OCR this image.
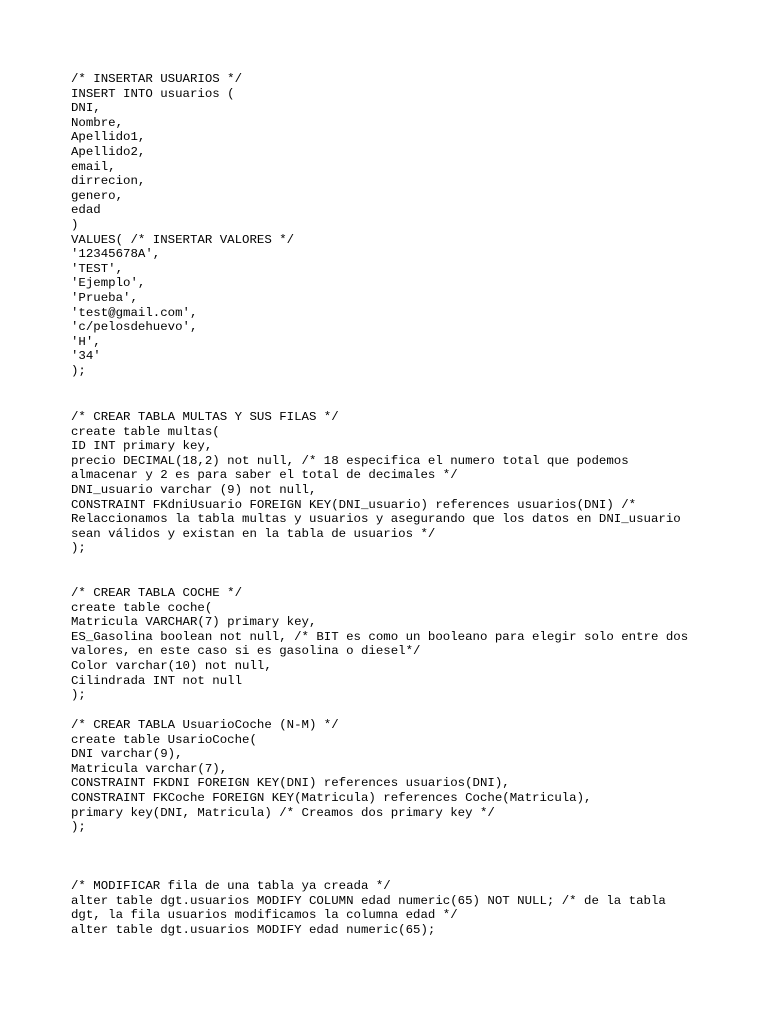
/* INSERTAR USUARIOS */
INSERT INTO usuarios (
DNI,
Nombre,
Apellido1,
Apellido2,
email,
dirrecion,
genero,
edad
)
VALUES( /* INSERTAR VALORES */
'12345678A',
'TEST',
'Ejemplo',
'Prueba',
'test@gmail.com',
'c/pelosdehuevo',
'H',
'34'
);
/* CREAR TABLA MULTAS Y SUS FILAS */
create table multas(
ID INT primary key,
precio DECIMAL(18,2) not null, /* 18 especifica el numero total que podemos
almacenar y 2 es para saber el total de decimales */
DNI_usuario varchar (9) not null,
CONSTRAINT FKdniUsuario FOREIGN KEY(DNI_usuario) references usuarios(DNI) /*
Relaccionamos la tabla multas y usuarios y asegurando que los datos en DNI_usuario
sean válidos y existan en la tabla de usuarios */
);
/* CREAR TABLA COCHE */
create table coche(
Matricula VARCHAR(7) primary key,
ES_Gasolina boolean not null, /* BIT es como un booleano para elegir solo entre dos
valores, en este caso si es gasolina o diesel*/
Color varchar(10) not null,
Cilindrada INT not null
);
/* CREAR TABLA UsuarioCoche (N-M) */
create table UsarioCoche(
DNI varchar(9),
Matricula varchar(7),
CONSTRAINT FKDNI FOREIGN KEY(DNI) references usuarios(DNI),
CONSTRAINT FKCoche FOREIGN KEY(Matricula) references Coche(Matricula),
primary key(DNI, Matricula) /* Creamos dos primary key */
);
/* MODIFICAR fila de una tabla ya creada */
alter table dgt.usuarios MODIFY COLUMN edad numeric(65) NOT NULL; /* de la tabla
dgt, la fila usuarios modificamos la columna edad */
alter table dgt.usuarios MODIFY edad numeric(65);
